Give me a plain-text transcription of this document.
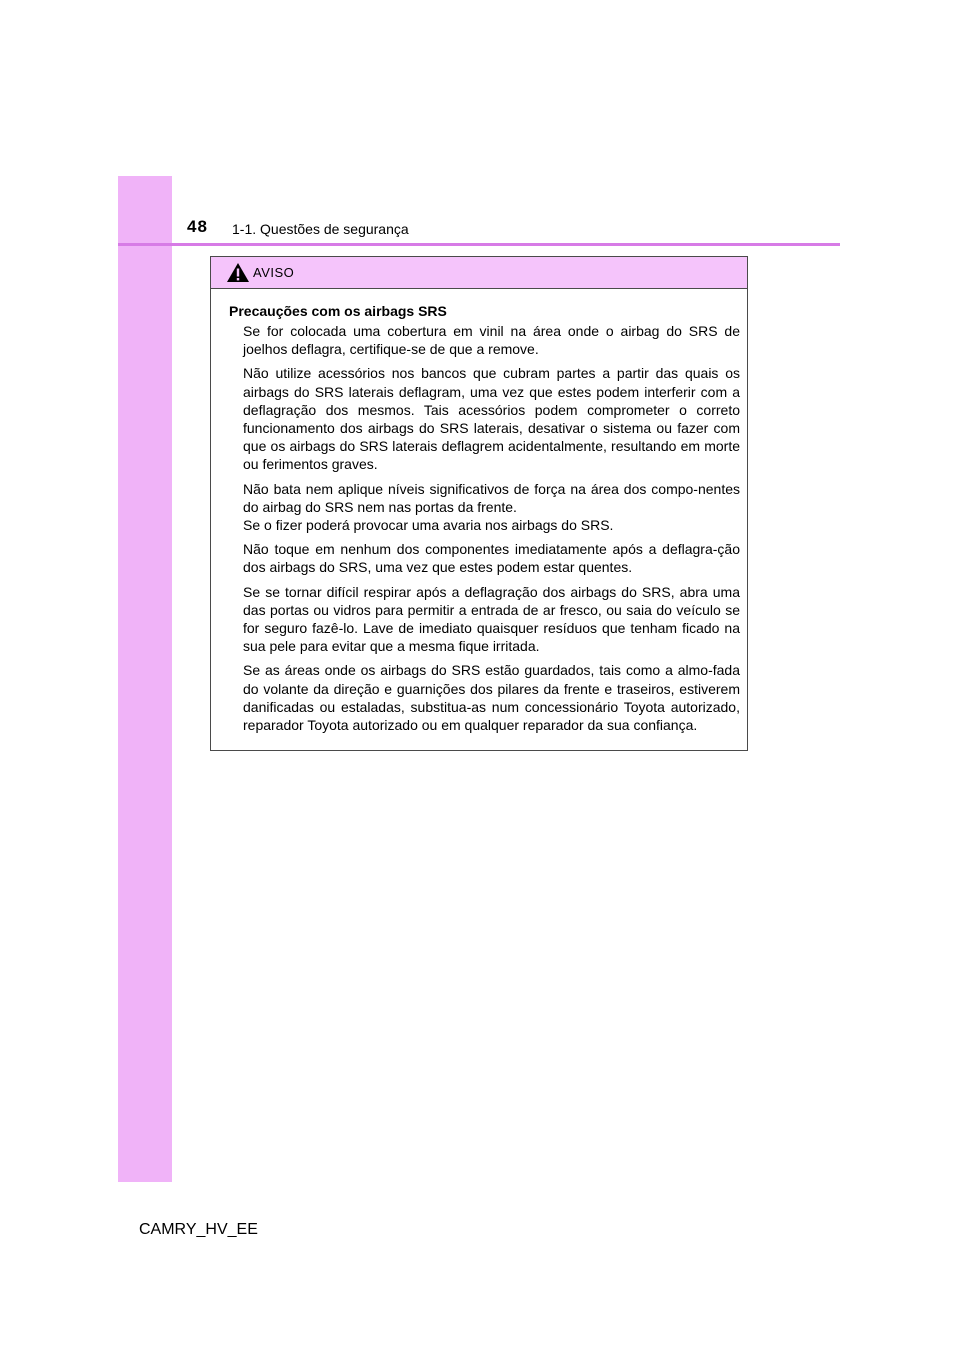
48 1-1. Questões de segurança
AVISO
Precauções com os airbags SRS

Se for colocada uma cobertura em vinil na área onde o airbag do SRS de joelhos deflagra, certifique-se de que a remove.

Não utilize acessórios nos bancos que cubram partes a partir das quais os airbags do SRS laterais deflagram, uma vez que estes podem interferir com a deflagração dos mesmos. Tais acessórios podem comprometer o correto funcionamento dos airbags do SRS laterais, desativar o sistema ou fazer com que os airbags do SRS laterais deflagrem acidentalmente, resultando em morte ou ferimentos graves.

Não bata nem aplique níveis significativos de força na área dos compo-nentes do airbag do SRS nem nas portas da frente.
Se o fizer poderá provocar uma avaria nos airbags do SRS.

Não toque em nenhum dos componentes imediatamente após a deflagra-ção dos airbags do SRS, uma vez que estes podem estar quentes.

Se se tornar difícil respirar após a deflagração dos airbags do SRS, abra uma das portas ou vidros para permitir a entrada de ar fresco, ou saia do veículo se for seguro fazê-lo. Lave de imediato quaisquer resíduos que tenham ficado na sua pele para evitar que a mesma fique irritada.

Se as áreas onde os airbags do SRS estão guardados, tais como a almo-fada do volante da direção e guarnições dos pilares da frente e traseiros, estiverem danificadas ou estaladas, substitua-as num concessionário Toyota autorizado, reparador Toyota autorizado ou em qualquer reparador da sua confiança.

CAMRY_HV_EE
